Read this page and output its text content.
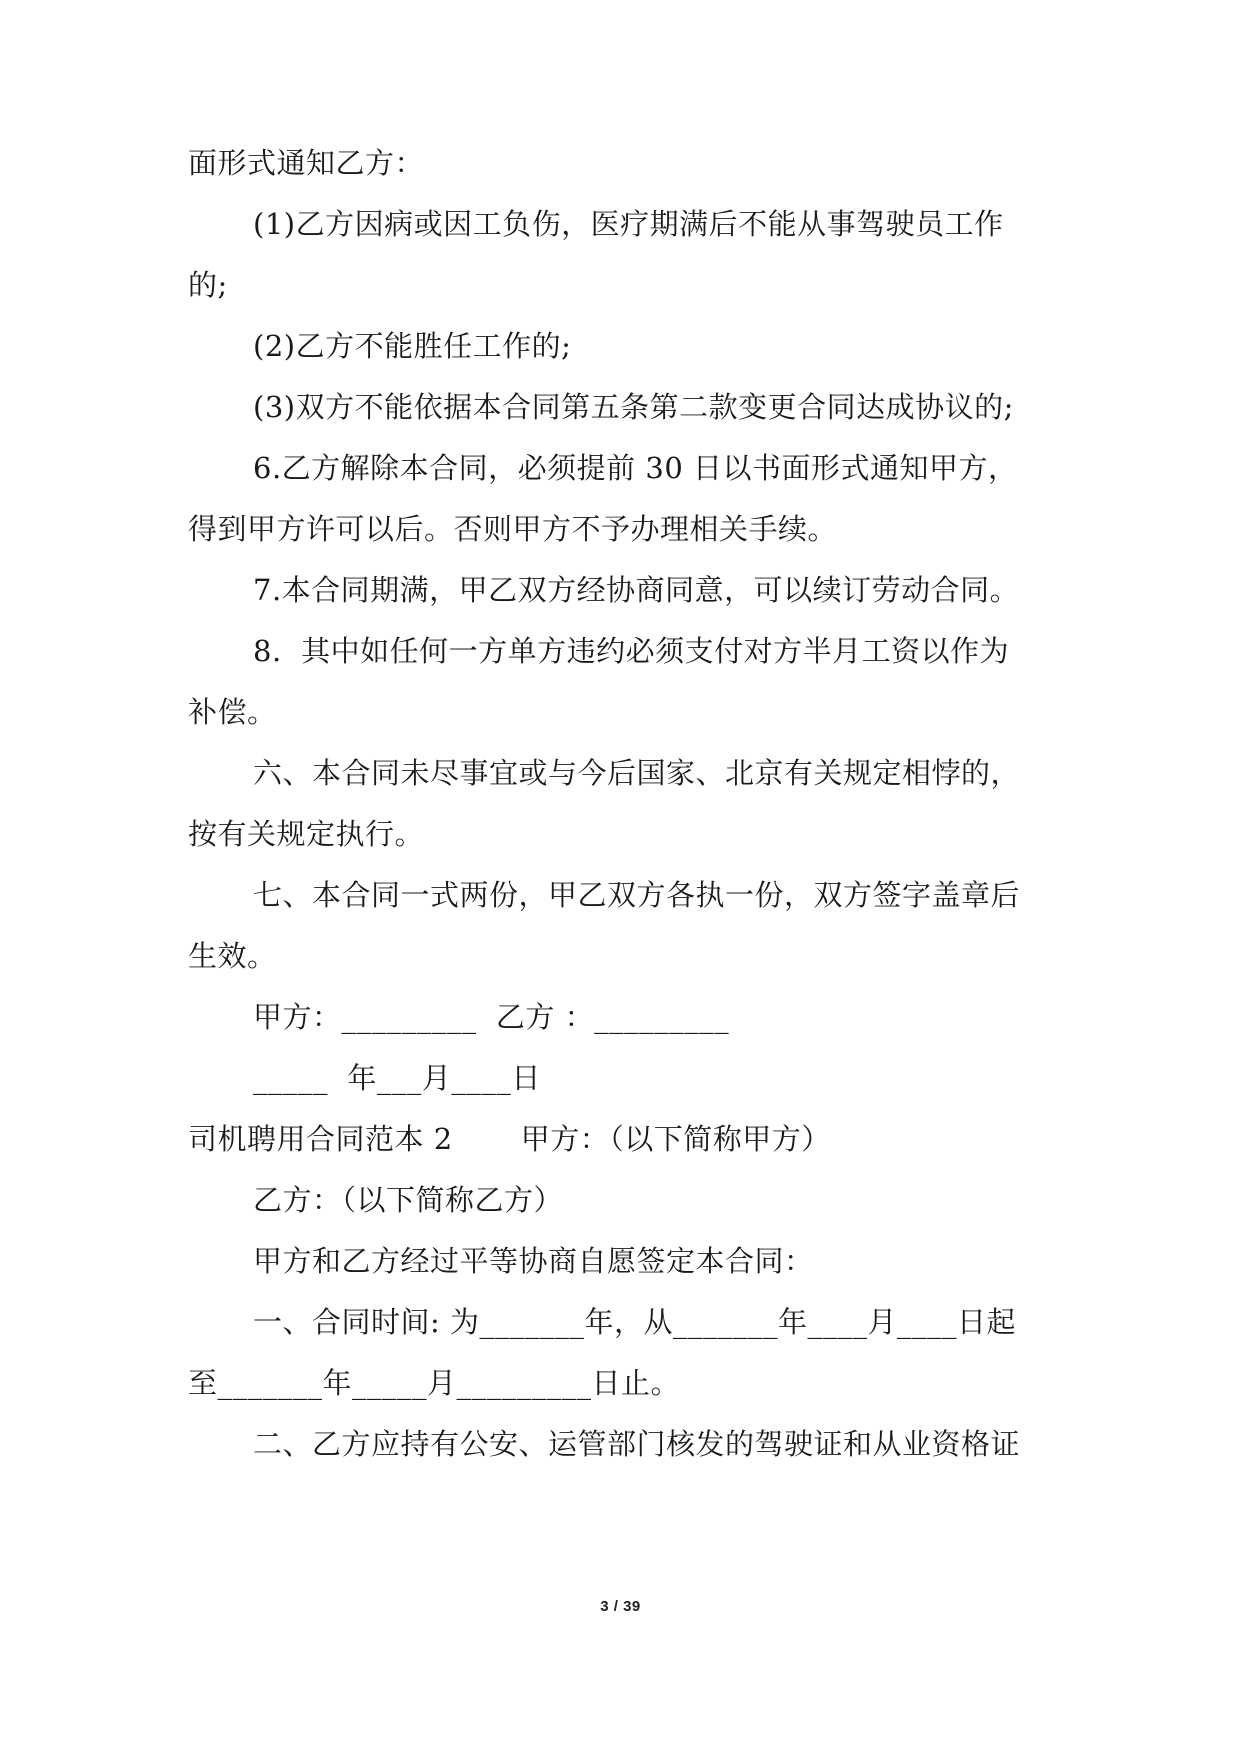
面形式通知乙方：
(1)乙方因病或因工负伤，医疗期满后不能从事驾驶员工作
的;
(2)乙方不能胜任工作的;
(3)双方不能依据本合同第五条第二款变更合同达成协议的;
6.乙方解除本合同，必须提前 30 日以书面形式通知甲方，
得到甲方许可以后。否则甲方不予办理相关手续。
7.本合同期满，甲乙双方经协商同意，可以续订劳动合同。
8.  其中如任何一方单方违约必须支付对方半月工资以作为
补偿。
六、本合同未尽事宜或与今后国家、北京有关规定相悖的，
按有关规定执行。
七、本合同一式两份，甲乙双方各执一份，双方签字盖章后
生效。
甲方：_________  乙方 ：_________
_____  年___月____日
司机聘用合同范本 2       甲方：（以下简称甲方）
乙方：（以下简称乙方）
甲方和乙方经过平等协商自愿签定本合同：
一、合同时间: 为_______年，从_______年____月____日起
至_______年_____月_________日止。
二、乙方应持有公安、运管部门核发的驾驶证和从业资格证
3 / 39
